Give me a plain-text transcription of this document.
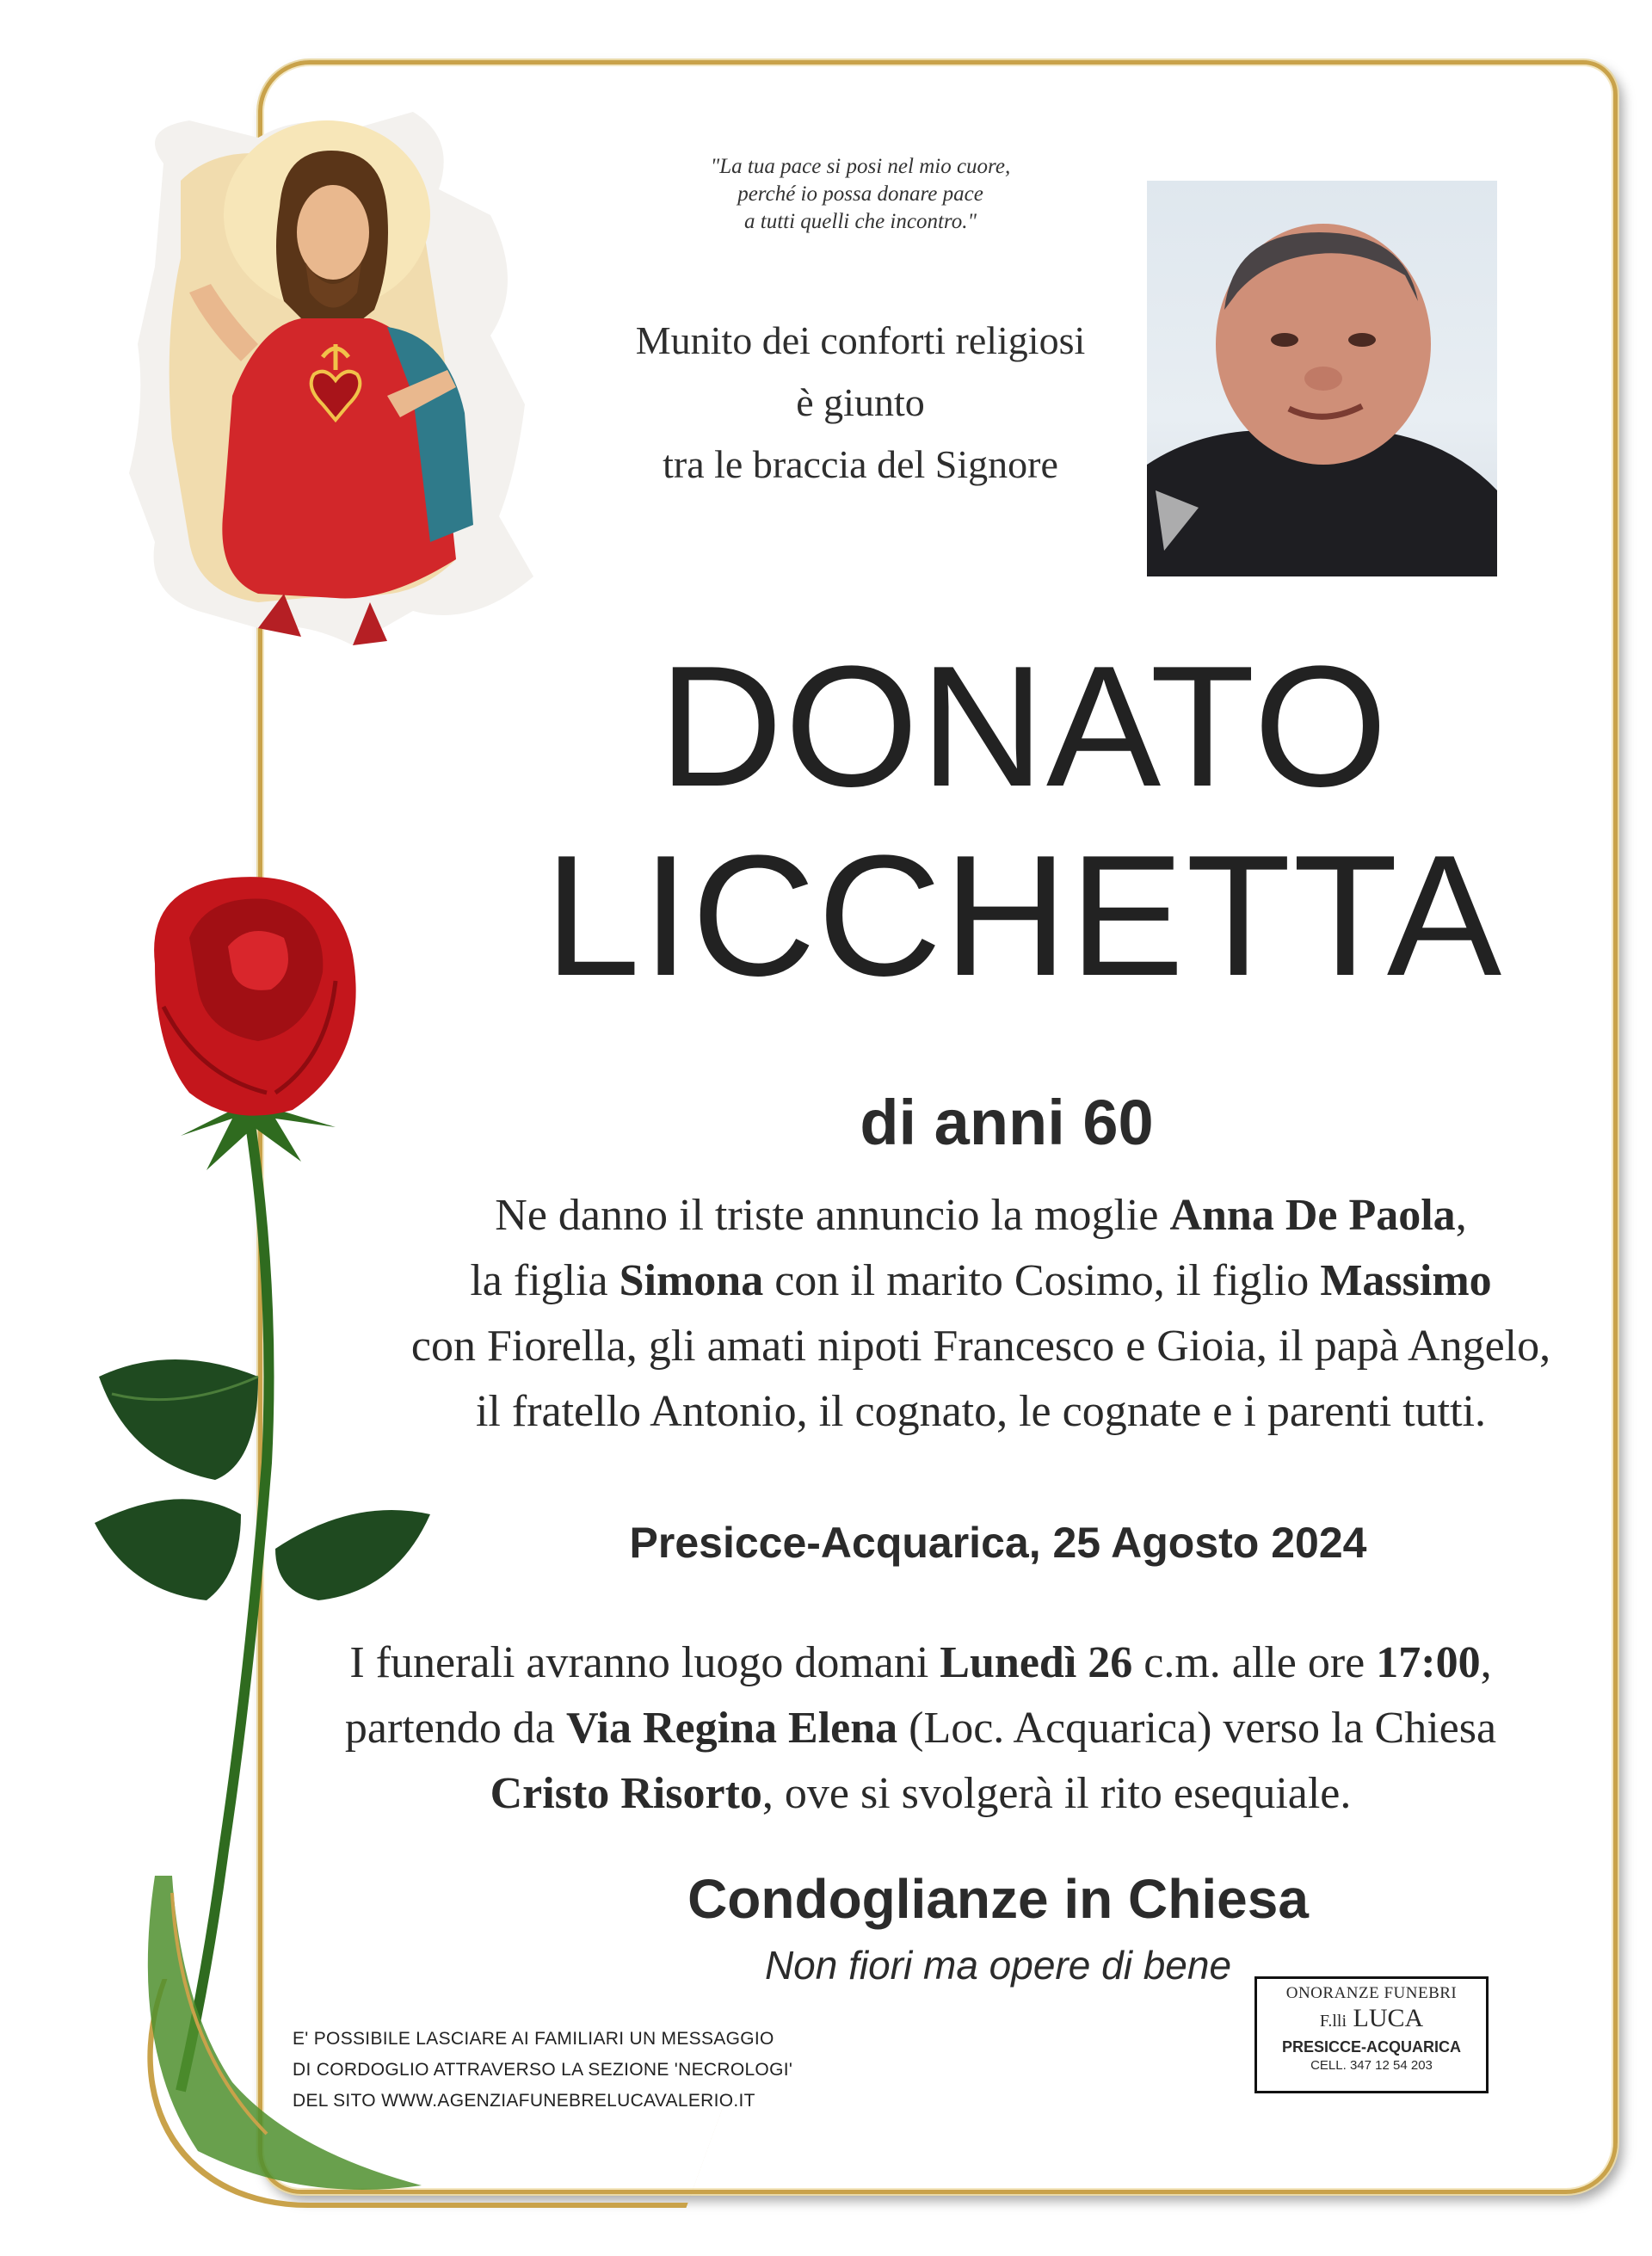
"La tua pace si posi nel mio cuore,
perché io possa donare pace
a tutti quelli che incontro."
Munito dei conforti religiosi
è giunto
tra le braccia del Signore
DONATO
LICCHETTA
di anni 60
Ne danno il triste annuncio la moglie Anna De Paola,
la figlia Simona con il marito Cosimo, il figlio Massimo
con Fiorella, gli amati nipoti Francesco e Gioia, il papà Angelo,
il fratello Antonio, il cognato, le cognate e i parenti tutti.
Presicce-Acquarica, 25 Agosto 2024
I funerali avranno luogo domani Lunedì 26 c.m. alle ore 17:00,
partendo da Via Regina Elena (Loc. Acquarica) verso la Chiesa
Cristo Risorto, ove si svolgerà il rito esequiale.
Condoglianze in Chiesa
Non fiori ma opere di bene
E' POSSIBILE LASCIARE AI FAMILIARI UN MESSAGGIO
DI CORDOGLIO ATTRAVERSO LA SEZIONE 'NECROLOGI'
DEL SITO WWW.AGENZIAFUNEBRELUCAVALERIO.IT
ONORANZE FUNEBRI
F.lli LUCA
PRESICCE-ACQUARICA
CELL. 347 12 54 203
